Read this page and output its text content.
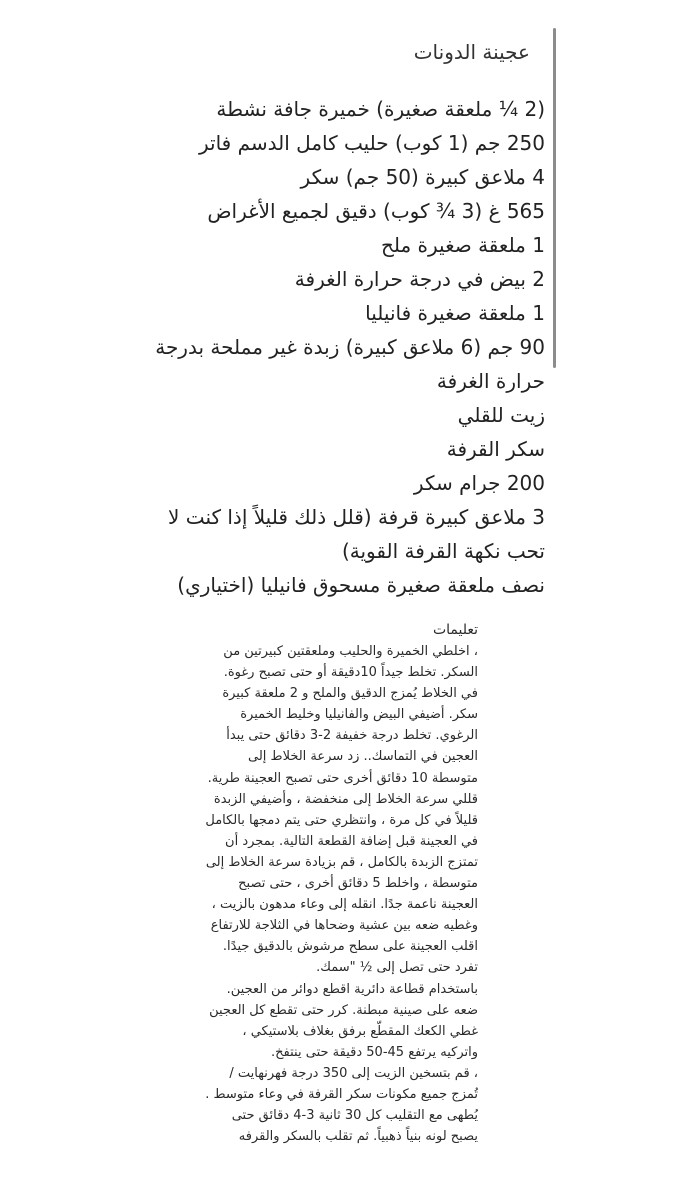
عجينة الدونات
(2 ¼ ملعقة صغيرة) خميرة جافة نشطة
250 جم (1 كوب) حليب كامل الدسم فاتر
4 ملاعق كبيرة (50 جم) سكر
565 غ (3 ¾ كوب) دقيق لجميع الأغراض
1 ملعقة صغيرة ملح
2 بيض في درجة حرارة الغرفة
1 ملعقة صغيرة فانيليا
90 جم (6 ملاعق كبيرة) زبدة غير مملحة بدرجة حرارة الغرفة
زيت للقلي
سكر القرفة
200 جرام سكر
3 ملاعق كبيرة قرفة (قلل ذلك قليلاً إذا كنت لا تحب نكهة القرفة القوية)
نصف ملعقة صغيرة مسحوق فانيليا (اختياري)
تعليمات
، اخلطي الخميرة والحليب وملعقتين كبيرتين من السكر. تخلط جيداً 10دقيقة أو حتى تصبح رغوة.
في الخلاط يُمزج الدقيق والملح و 2 ملعقة كبيرة سكر. أضيفي البيض والفانيليا وخليط الخميرة الرغوي. تخلط درجة خفيفة 2-3 دقائق حتى يبدأ العجين في التماسك.. زد سرعة الخلاط إلى متوسطة 10 دقائق أخرى حتى تصبح العجينة طرية.
قللي سرعة الخلاط إلى منخفضة ، وأضيفي الزبدة قليلاً في كل مرة ، وانتظري حتى يتم دمجها بالكامل في العجينة قبل إضافة القطعة التالية. بمجرد أن تمتزج الزبدة بالكامل ، قم بزيادة سرعة الخلاط إلى متوسطة ، واخلط 5 دقائق أخرى ، حتى تصبح العجينة ناعمة جدًا. انقله إلى وعاء مدهون بالزيت ، وغطيه ضعه بين عشية وضحاها في الثلاجة للارتفاع
اقلب العجينة على سطح مرشوش بالدقيق جيدًا. تفرد حتى تصل إلى ½ "سمك.
باستخدام قطاعة دائرية اقطع دوائر من العجين. ضعه على صينية مبطنة. كرر حتى تقطع كل العجين
غطي الكعك المقطّع برفق بغلاف بلاستيكي ، واتركيه يرتفع 45-50 دقيقة حتى ينتفخ.
، قم بتسخين الزيت إلى 350 درجة فهرنهايت /
تُمزج جميع مكونات سكر القرفة في وعاء متوسط .
يُطهى مع التقليب كل 30 ثانية 3-4 دقائق حتى يصبح لونه بنياً ذهبياً. ثم تقلب بالسكر والقرفه
